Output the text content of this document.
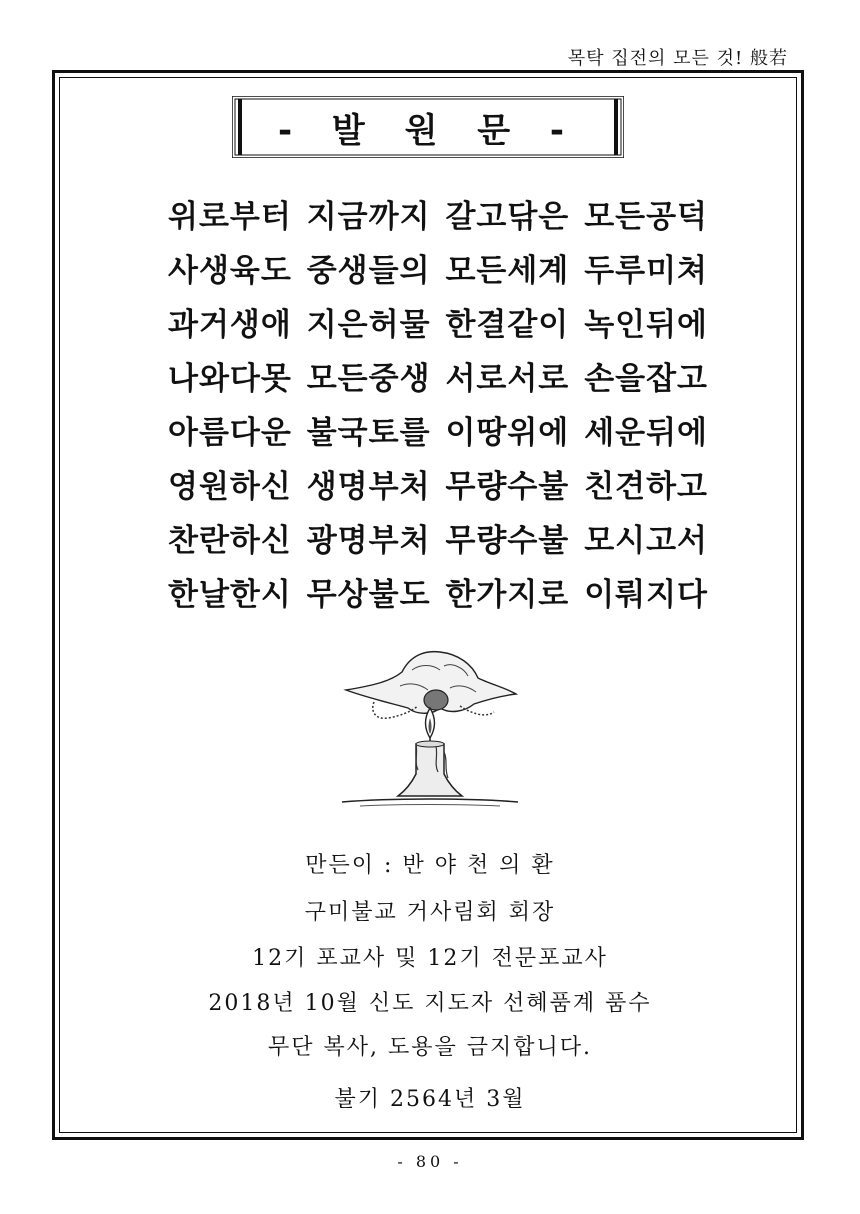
목탁 집전의 모든 것! 般若
- 발 원 문 -
위로부터 지금까지 갈고닦은 모든공덕
사생육도 중생들의 모든세계 두루미쳐
과거생애 지은허물 한결같이 녹인뒤에
나와다못 모든중생 서로서로 손을잡고
아름다운 불국토를 이땅위에 세운뒤에
영원하신 생명부처 무량수불 친견하고
찬란하신 광명부처 무량수불 모시고서
한날한시 무상불도 한가지로 이뤄지다
만든이 : 반 야 천 의 환
구미불교 거사림회 회장
12기 포교사 및 12기 전문포교사
2018년 10월 신도 지도자 선혜품계 품수
무단 복사, 도용을 금지합니다.
불기 2564년 3월
- 80 -
